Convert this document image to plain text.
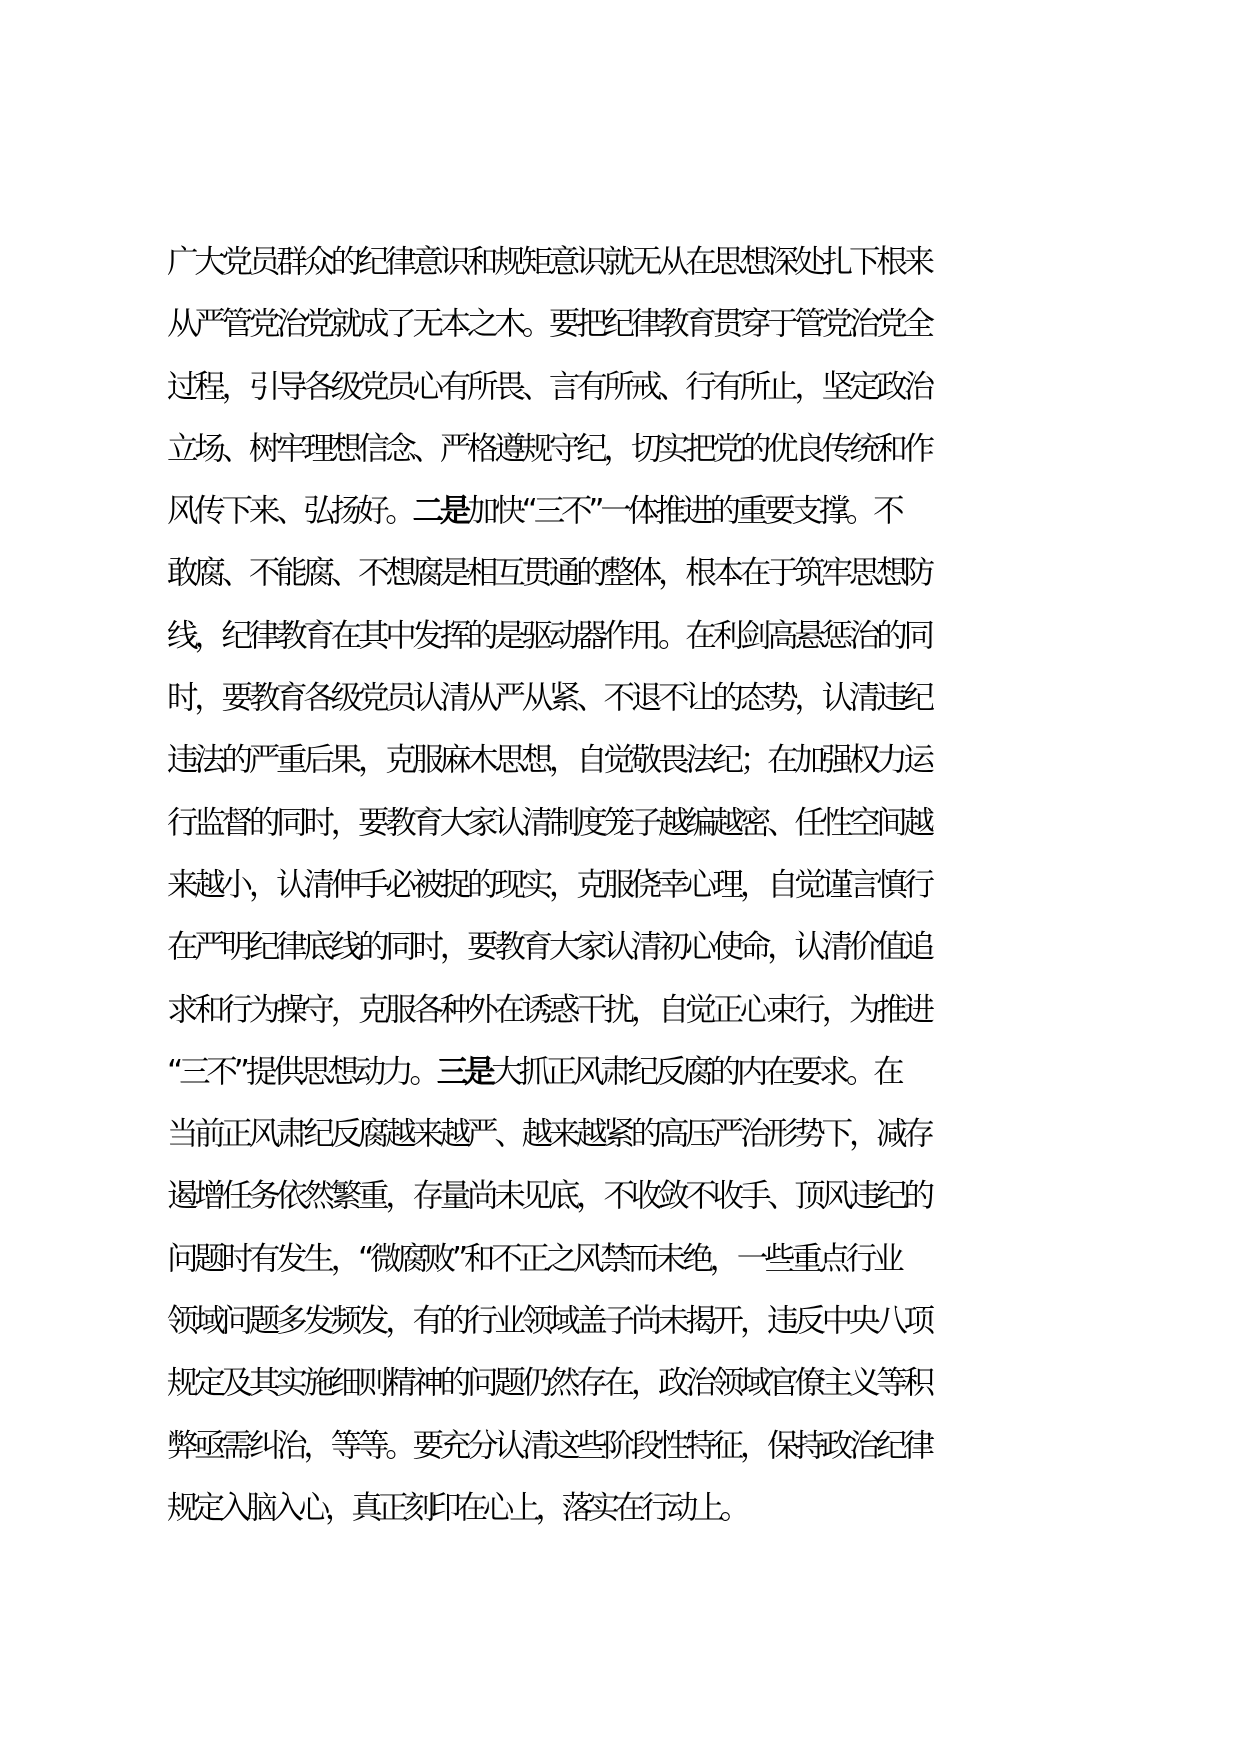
广大党员群众的纪律意识和规矩意识就无从在思想深处扎下根来
从严管党治党就成了无本之木。要把纪律教育贯穿于管党治党全
过程，引导各级党员心有所畏、言有所戒、行有所止，坚定政治
立场、树牢理想信念、严格遵规守纪，切实把党的优良传统和作
风传下来、弘扬好。二是加快“三不”一体推进的重要支撑。不
敢腐、不能腐、不想腐是相互贯通的整体，根本在于筑牢思想防
线，纪律教育在其中发挥的是驱动器作用。在利剑高悬惩治的同
时，要教育各级党员认清从严从紧、不退不让的态势，认清违纪
违法的严重后果，克服麻木思想，自觉敬畏法纪；在加强权力运
行监督的同时，要教育大家认清制度笼子越编越密、任性空间越
来越小，认清伸手必被捉的现实，克服侥幸心理，自觉谨言慎行
在严明纪律底线的同时，要教育大家认清初心使命，认清价值追
求和行为操守，克服各种外在诱惑干扰，自觉正心束行，为推进
“三不”提供思想动力。三是大抓正风肃纪反腐的内在要求。在
当前正风肃纪反腐越来越严、越来越紧的高压严治形势下，减存
遏增任务依然繁重，存量尚未见底，不收敛不收手、顶风违纪的
问题时有发生，“微腐败”和不正之风禁而未绝，一些重点行业
领域问题多发频发，有的行业领域盖子尚未揭开，违反中央八项
规定及其实施细则精神的问题仍然存在，政治领域官僚主义等积
弊亟需纠治，等等。要充分认清这些阶段性特征，保持政治纪律
规定入脑入心，真正刻印在心上，落实在行动上。
